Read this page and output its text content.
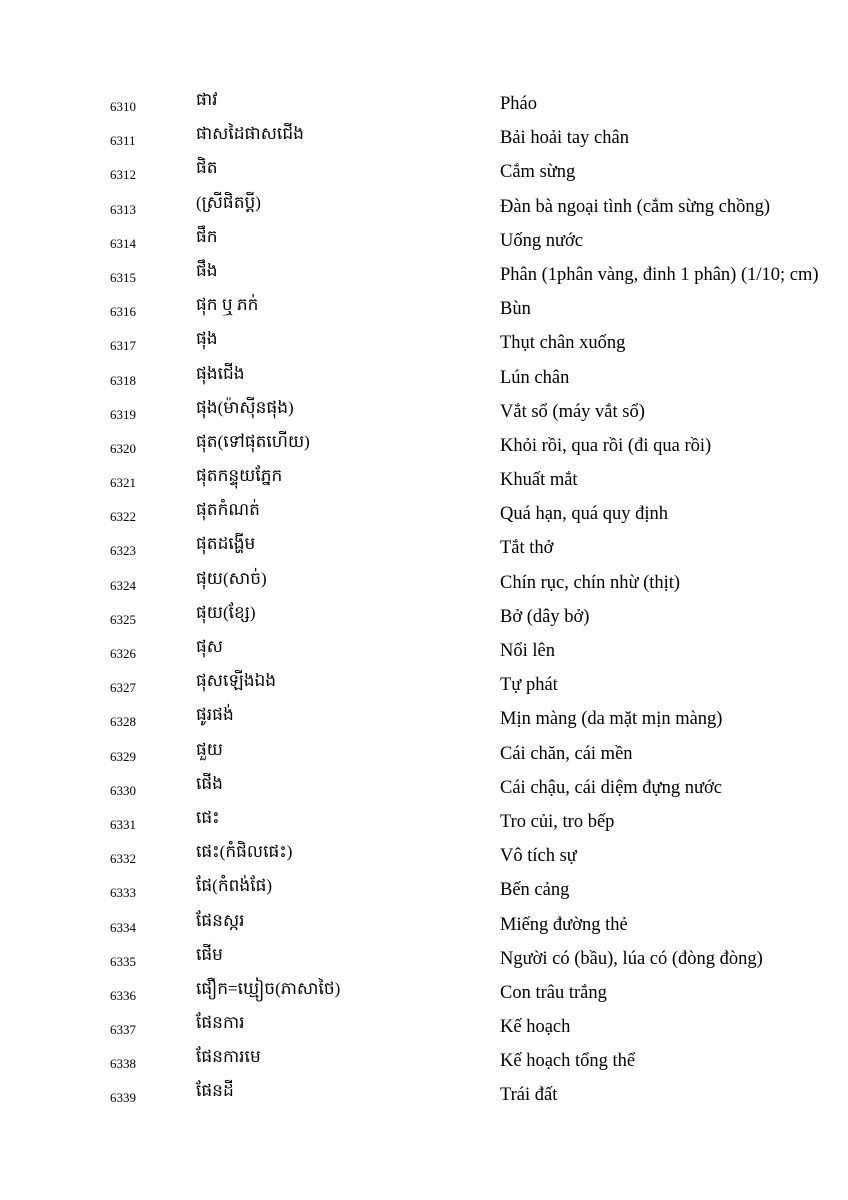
6310	ផាវ	Pháo
6311	ផាសដៃផាសជើង	Bải hoải tay chân
6312	ផិត	Cắm sừng
6313	(ស្រីផិតប្តី)	Đàn bà ngoại tình (cắm sừng chồng)
6314	ផឹក	Uống nước
6315	ផឹង	Phân (1phân vàng, đinh 1 phân) (1/10; cm)
6316	ផុក ឬ ភក់	Bùn
6317	ផុង	Thụt chân xuống
6318	ផុងជើង	Lún chân
6319	ផុង(ម៉ាស៊ីនផុង)	Vắt sổ (máy vắt sổ)
6320	ផុត(ទៅផុតហើយ)	Khỏi rồi, qua rồi (đi qua rồi)
6321	ផុតកន្ទុយភ្នែក	Khuất mắt
6322	ផុតកំណត់	Quá hạn, quá quy định
6323	ផុតដង្ហើម	Tắt thở
6324	ផុយ(សាច់)	Chín rục, chín nhừ (thịt)
6325	ផុយ(ខ្សែ)	Bở (dây bở)
6326	ផុស	Nổi lên
6327	ផុសឡើងឯង	Tự phát
6328	ផូរផង់	Mịn màng (da mặt mịn màng)
6329	ផួយ	Cái chăn, cái mền
6330	ផើង	Cái chậu, cái diệm đựng nước
6331	ផេះ	Tro củi, tro bếp
6332	ផេះ(កំផិលផេះ)	Vô tích sự
6333	ផែ(កំពង់ផែ)	Bến cảng
6334	ផែនស្ករ	Miếng đường thẻ
6335	ផើម	Người có (bầu), lúa có (đòng đòng)
6336	ផឿក=ឃ្មៀច(ភាសាថៃ)	Con trâu trắng
6337	ផែនការ	Kế hoạch
6338	ផែនការមេ	Kế hoạch tổng thể
6339	ផែនដី	Trái đất
